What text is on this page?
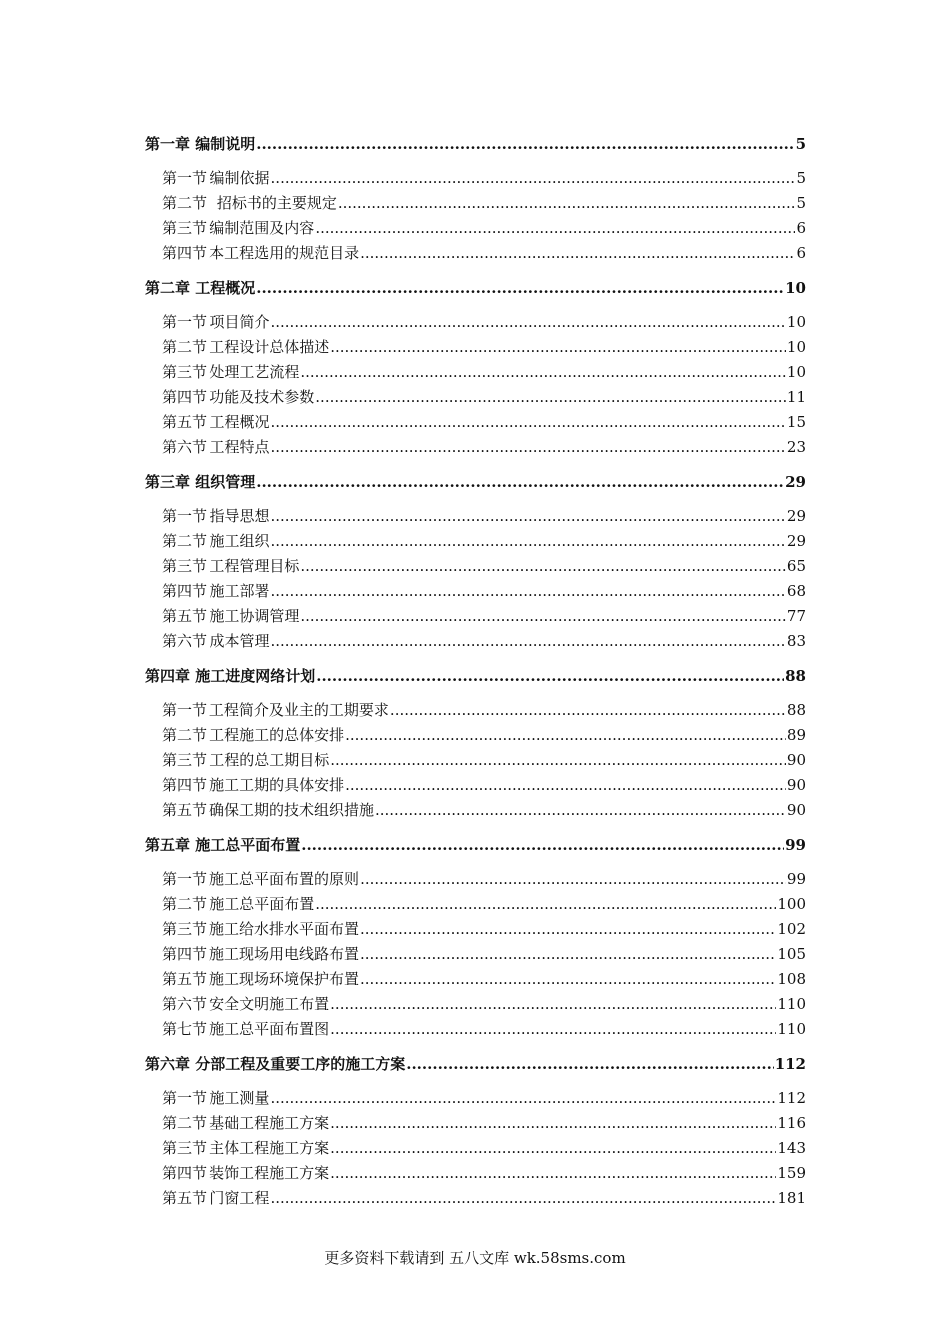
第一章 编制说明 .....	5
第一节 编制依据 .....	5
第二节 招标书的主要规定 .....	5
第三节 编制范围及内容 .....	6
第四节 本工程选用的规范目录 .....	6
第二章 工程概况 .....	10
第一节 项目简介 .....	10
第二节 工程设计总体描述 .....	10
第三节 处理工艺流程 .....	10
第四节 功能及技术参数 .....	11
第五节 工程概况 .....	15
第六节 工程特点 .....	23
第三章 组织管理 .....	29
第一节 指导思想 .....	29
第二节 施工组织 .....	29
第三节 工程管理目标 .....	65
第四节 施工部署 .....	68
第五节 施工协调管理 .....	77
第六节 成本管理 .....	83
第四章 施工进度网络计划 .....	88
第一节 工程简介及业主的工期要求 .....	88
第二节 工程施工的总体安排 .....	89
第三节 工程的总工期目标 .....	90
第四节 施工工期的具体安排 .....	90
第五节 确保工期的技术组织措施 .....	90
第五章 施工总平面布置 .....	99
第一节 施工总平面布置的原则 .....	99
第二节 施工总平面布置 .....	100
第三节 施工给水排水平面布置 .....	102
第四节 施工现场用电线路布置 .....	105
第五节 施工现场环境保护布置 .....	108
第六节 安全文明施工布置 .....	110
第七节 施工总平面布置图 .....	110
第六章 分部工程及重要工序的施工方案 .....	112
第一节 施工测量 .....	112
第二节 基础工程施工方案 .....	116
第三节 主体工程施工方案 .....	143
第四节 装饰工程施工方案 .....	159
第五节 门窗工程 .....	181
更多资料下载请到 五八文库 wk.58sms.com
